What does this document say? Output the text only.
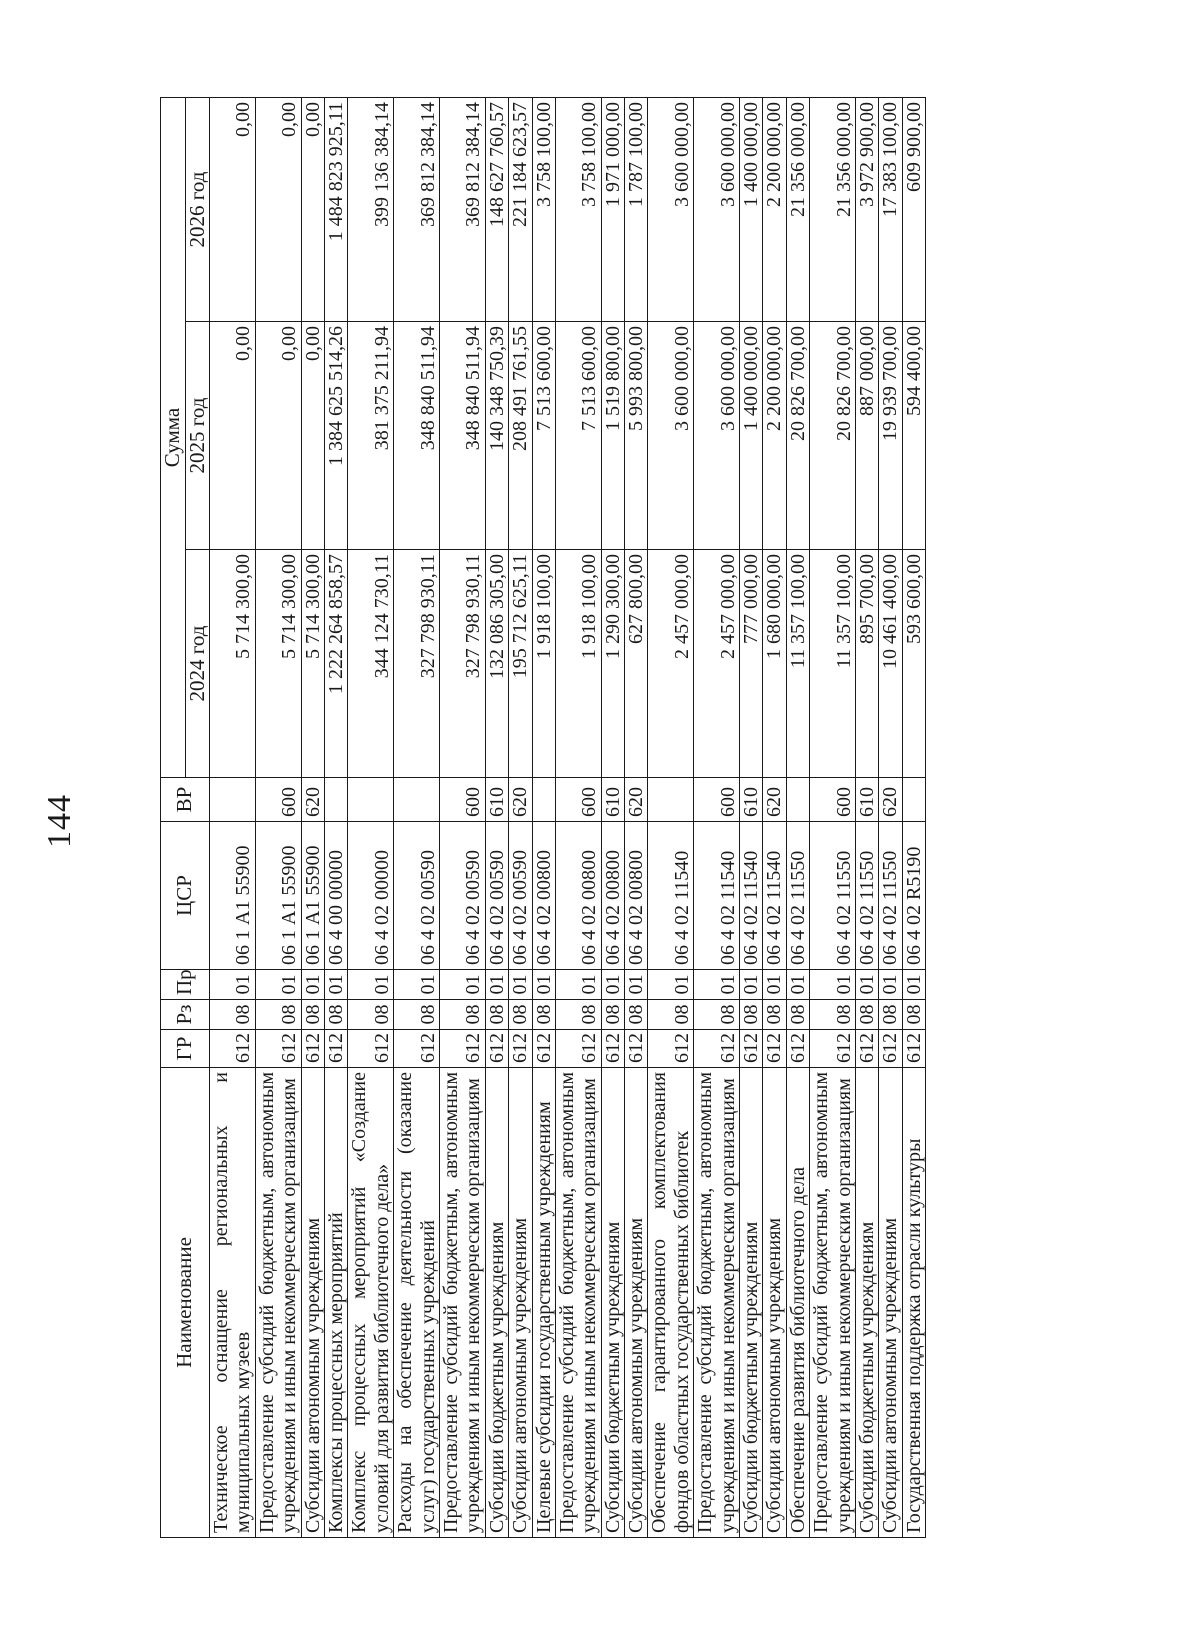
144
Наименование	ГР	Рз	Пр	ЦСР	ВР	Сумма		
						2024 год	2025 год	2026 год
Техническое оснащение региональных и муниципальных музеев	612	08	01	06 1 А1 55900		5 714 300,00	0,00	0,00
Предоставление субсидий бюджетным, автономным учреждениям и иным некоммерческим организациям	612	08	01	06 1 А1 55900	600	5 714 300,00	0,00	0,00
Субсидии автономным учреждениям	612	08	01	06 1 А1 55900	620	5 714 300,00	0,00	0,00
Комплексы процессных мероприятий	612	08	01	06 4 00 00000		1 222 264 858,57	1 384 625 514,26	1 484 823 925,11
Комплекс процессных мероприятий «Создание условий для развития библиотечного дела»	612	08	01	06 4 02 00000		344 124 730,11	381 375 211,94	399 136 384,14
Расходы на обеспечение деятельности (оказание услуг) государственных учреждений	612	08	01	06 4 02 00590		327 798 930,11	348 840 511,94	369 812 384,14
Предоставление субсидий бюджетным, автономным учреждениям и иным некоммерческим организациям	612	08	01	06 4 02 00590	600	327 798 930,11	348 840 511,94	369 812 384,14
Субсидии бюджетным учреждениям	612	08	01	06 4 02 00590	610	132 086 305,00	140 348 750,39	148 627 760,57
Субсидии автономным учреждениям	612	08	01	06 4 02 00590	620	195 712 625,11	208 491 761,55	221 184 623,57
Целевые субсидии государственным учреждениям	612	08	01	06 4 02 00800		1 918 100,00	7 513 600,00	3 758 100,00
Предоставление субсидий бюджетным, автономным учреждениям и иным некоммерческим организациям	612	08	01	06 4 02 00800	600	1 918 100,00	7 513 600,00	3 758 100,00
Субсидии бюджетным учреждениям	612	08	01	06 4 02 00800	610	1 290 300,00	1 519 800,00	1 971 000,00
Субсидии автономным учреждениям	612	08	01	06 4 02 00800	620	627 800,00	5 993 800,00	1 787 100,00
Обеспечение гарантированного комплектования фондов областных государственных библиотек	612	08	01	06 4 02 11540		2 457 000,00	3 600 000,00	3 600 000,00
Предоставление субсидий бюджетным, автономным учреждениям и иным некоммерческим организациям	612	08	01	06 4 02 11540	600	2 457 000,00	3 600 000,00	3 600 000,00
Субсидии бюджетным учреждениям	612	08	01	06 4 02 11540	610	777 000,00	1 400 000,00	1 400 000,00
Субсидии автономным учреждениям	612	08	01	06 4 02 11540	620	1 680 000,00	2 200 000,00	2 200 000,00
Обеспечение развития библиотечного дела	612	08	01	06 4 02 11550		11 357 100,00	20 826 700,00	21 356 000,00
Предоставление субсидий бюджетным, автономным учреждениям и иным некоммерческим организациям	612	08	01	06 4 02 11550	600	11 357 100,00	20 826 700,00	21 356 000,00
Субсидии бюджетным учреждениям	612	08	01	06 4 02 11550	610	895 700,00	887 000,00	3 972 900,00
Субсидии автономным учреждениям	612	08	01	06 4 02 11550	620	10 461 400,00	19 939 700,00	17 383 100,00
Государственная поддержка отрасли культуры	612	08	01	06 4 02 R5190		593 600,00	594 400,00	609 900,00
